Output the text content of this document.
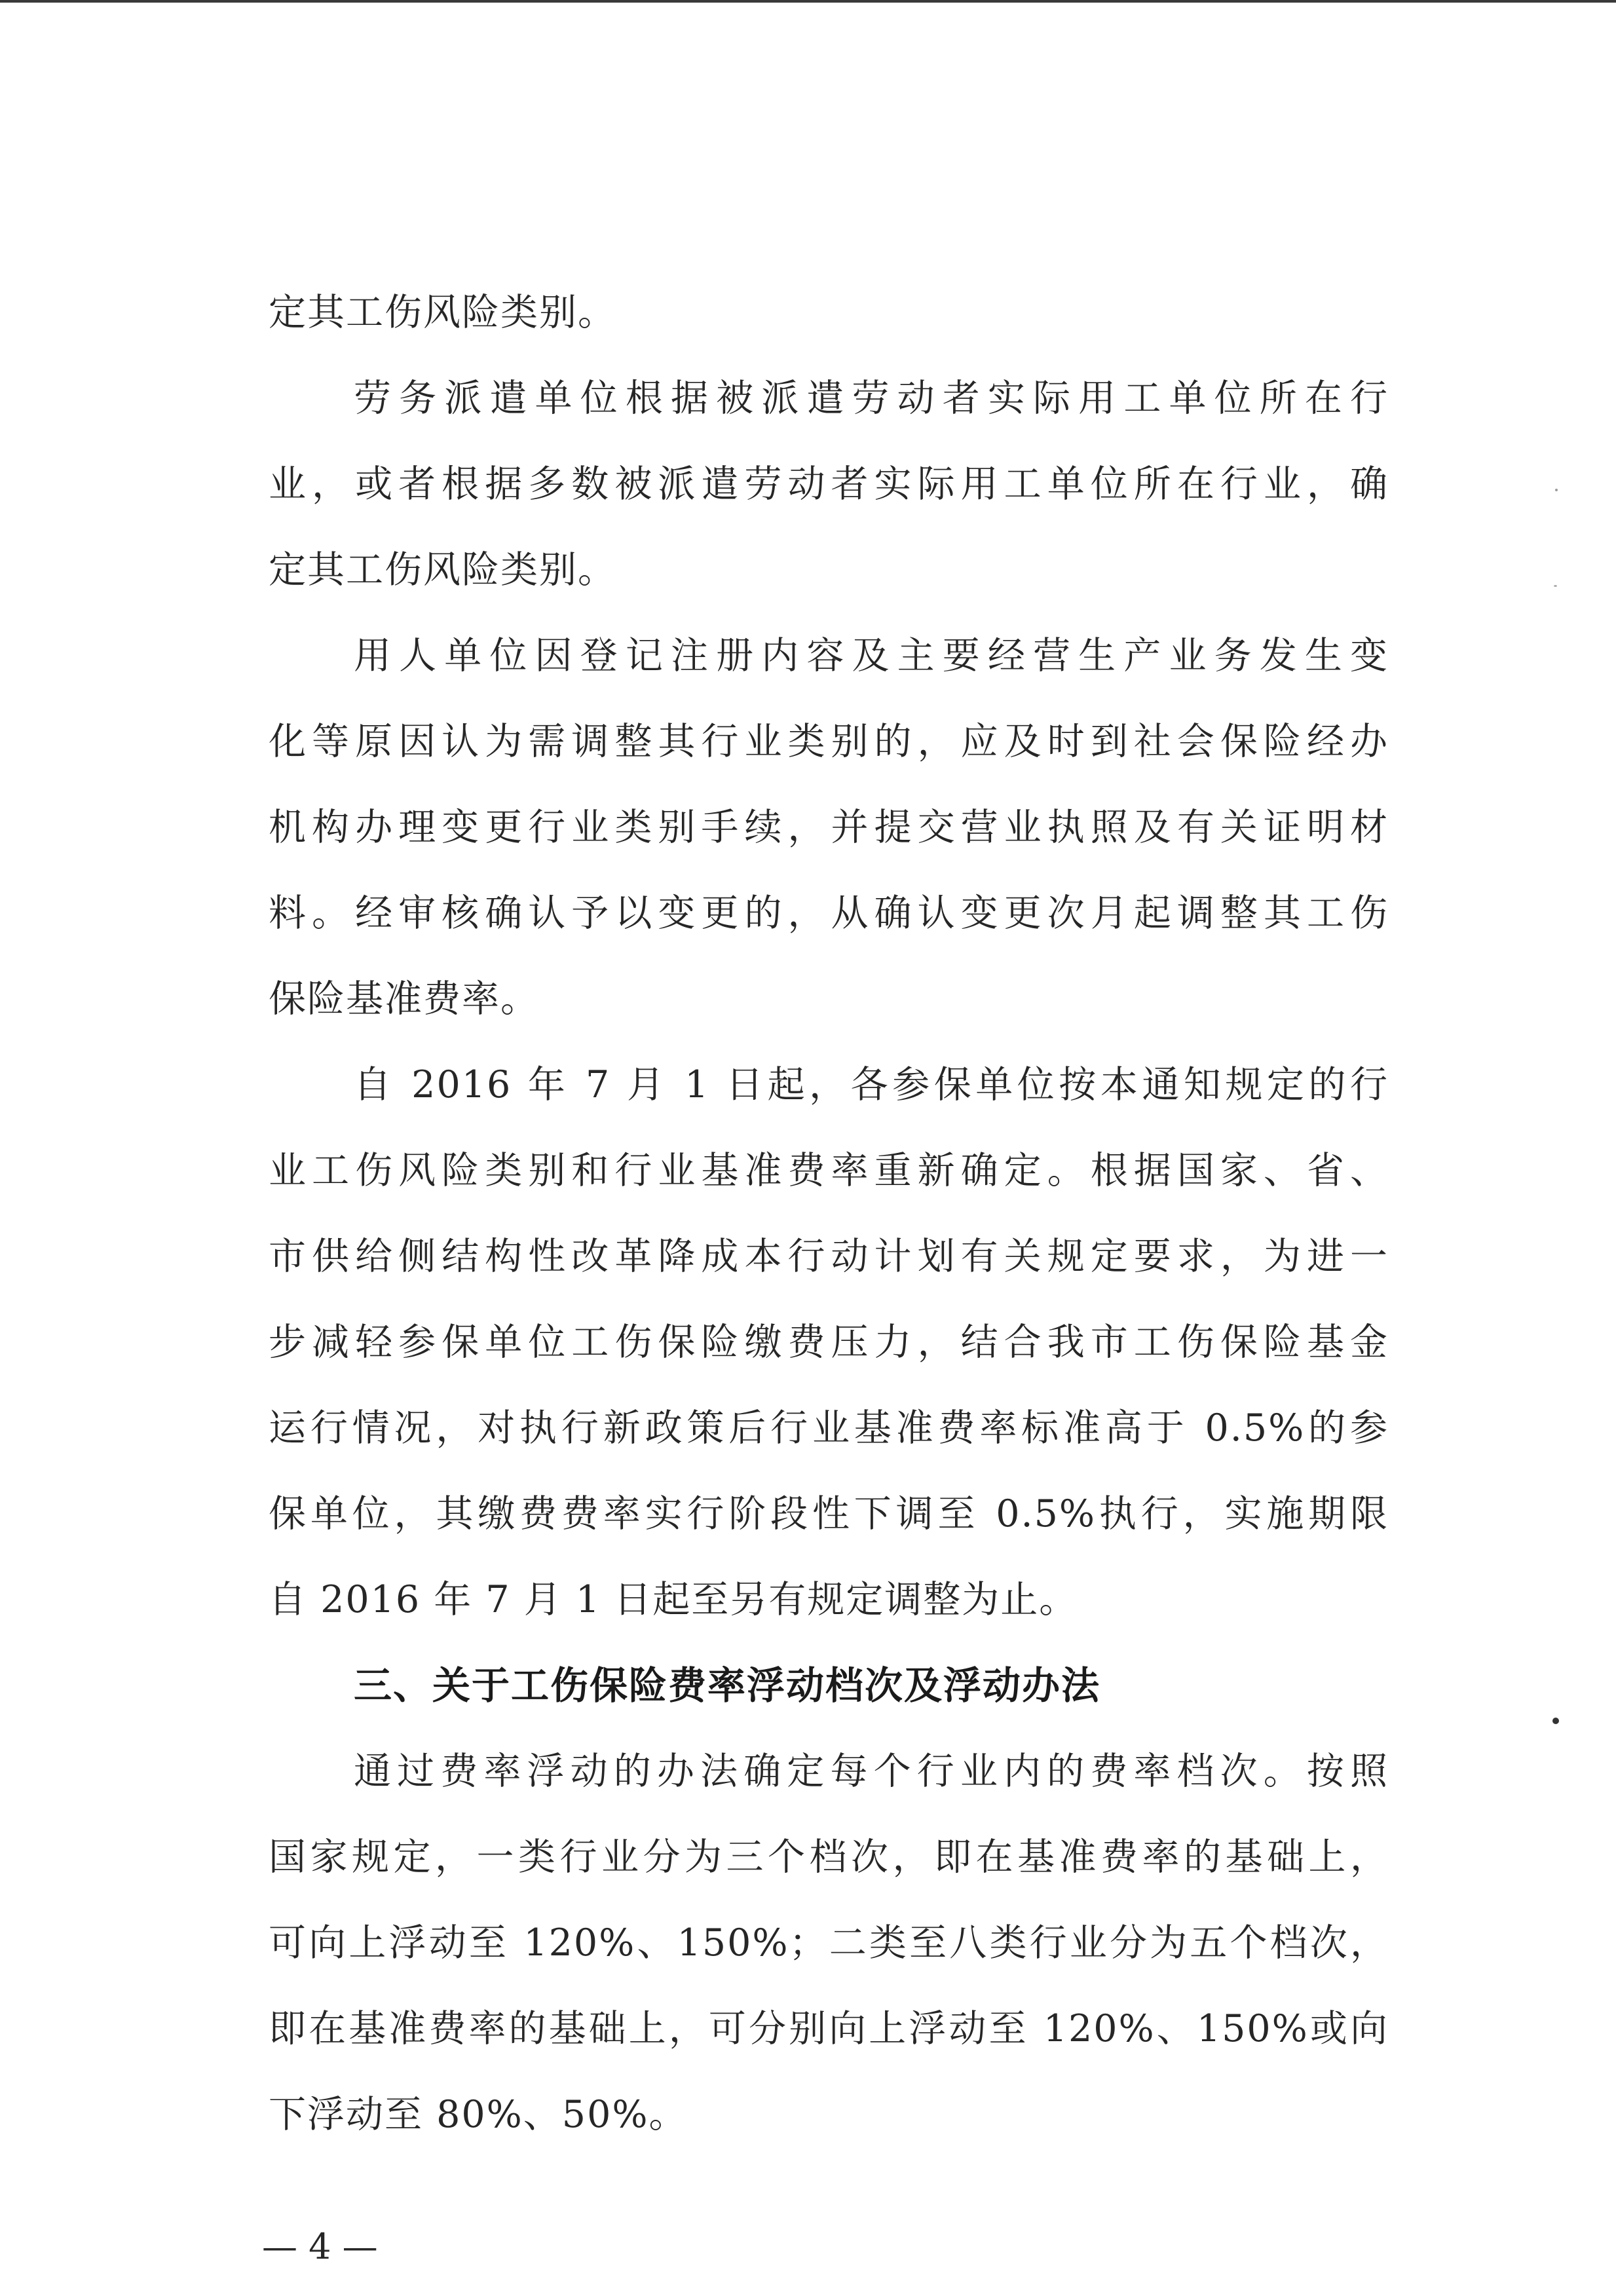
定其工伤风险类别。
劳务派遣单位根据被派遣劳动者实际用工单位所在行
业，或者根据多数被派遣劳动者实际用工单位所在行业，确
定其工伤风险类别。
用人单位因登记注册内容及主要经营生产业务发生变
化等原因认为需调整其行业类别的，应及时到社会保险经办
机构办理变更行业类别手续，并提交营业执照及有关证明材
料。经审核确认予以变更的，从确认变更次月起调整其工伤
保险基准费率。
自 2016 年 7 月 1 日起，各参保单位按本通知规定的行
业工伤风险类别和行业基准费率重新确定。根据国家、省、
市供给侧结构性改革降成本行动计划有关规定要求，为进一
步减轻参保单位工伤保险缴费压力，结合我市工伤保险基金
运行情况，对执行新政策后行业基准费率标准高于 0.5%的参
保单位，其缴费费率实行阶段性下调至 0.5%执行，实施期限
自 2016 年 7 月 1 日起至另有规定调整为止。
三、关于工伤保险费率浮动档次及浮动办法
通过费率浮动的办法确定每个行业内的费率档次。按照
国家规定，一类行业分为三个档次，即在基准费率的基础上，
可向上浮动至 120%、150%；二类至八类行业分为五个档次，
即在基准费率的基础上，可分别向上浮动至 120%、150%或向
下浮动至 80%、50%。
— 4 —
